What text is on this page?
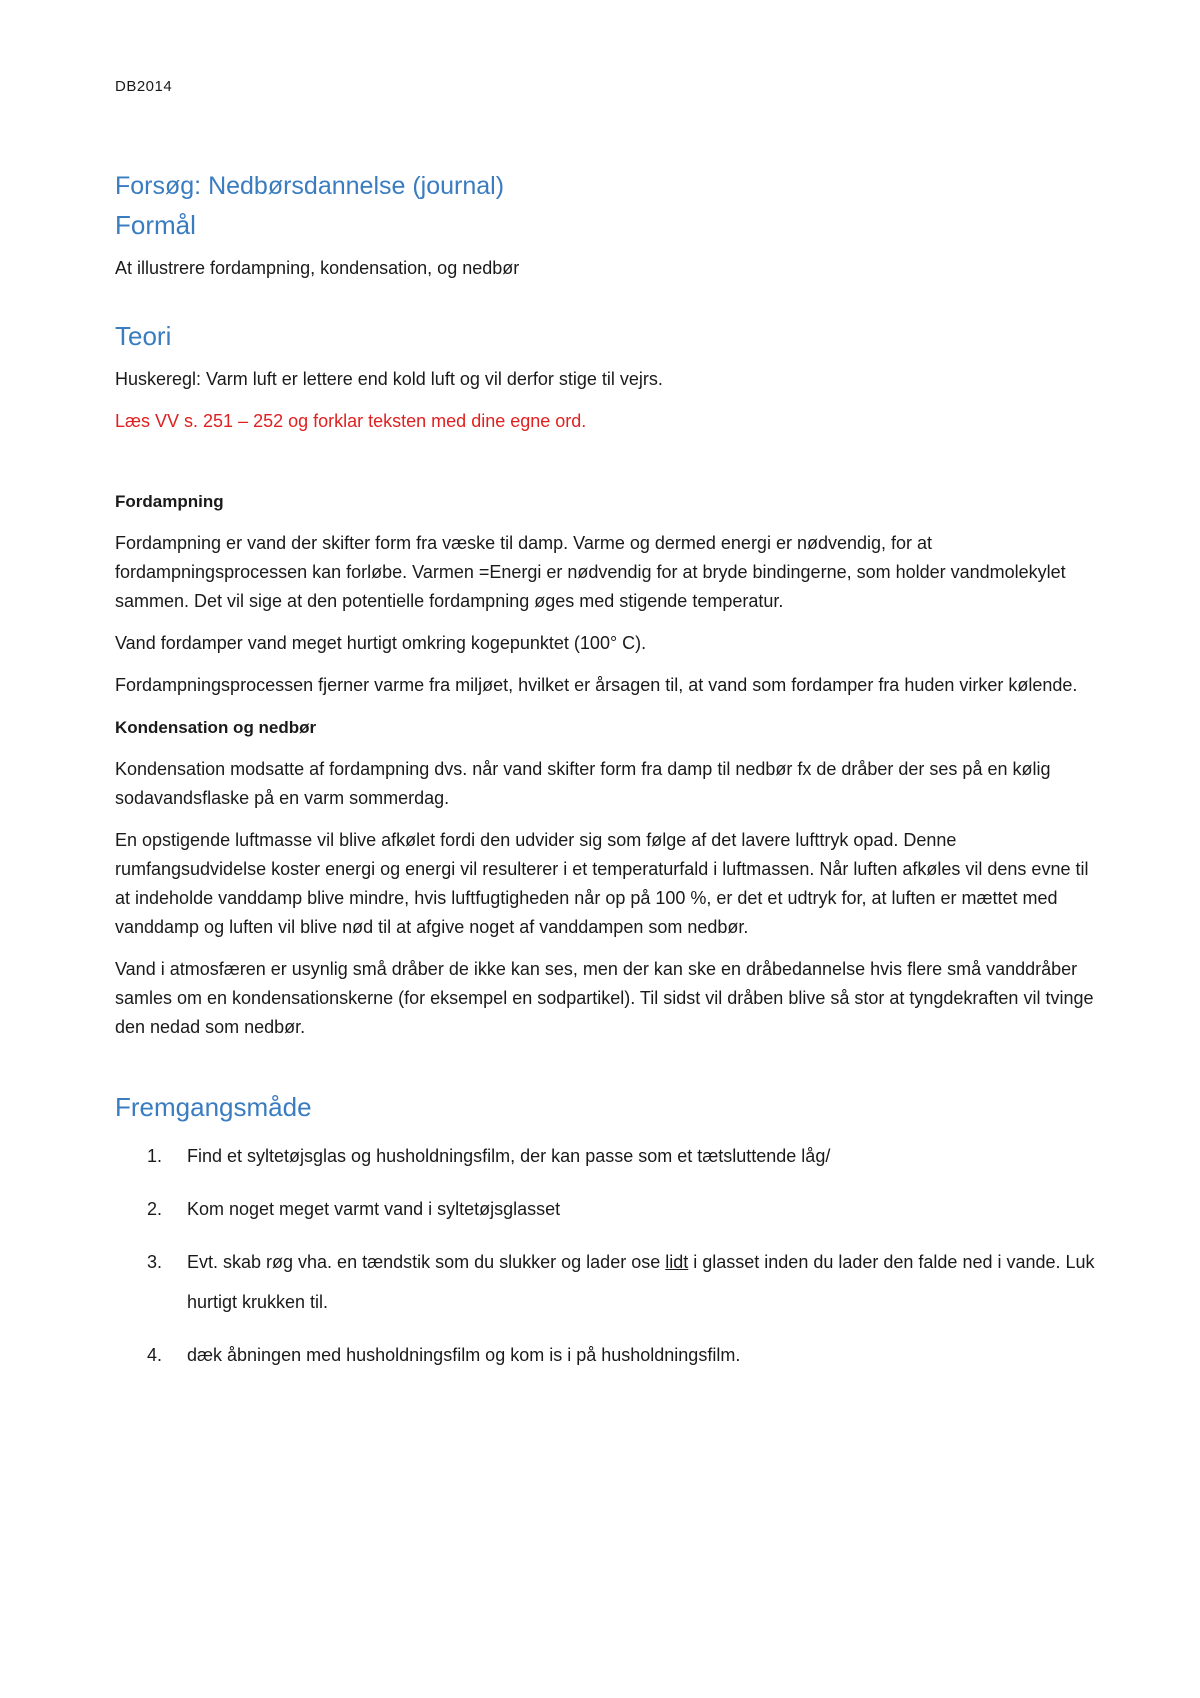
DB2014
Forsøg: Nedbørsdannelse (journal)
Formål

At illustrere fordampning, kondensation, og nedbør

Teori

Huskeregl: Varm luft er lettere end kold luft og vil derfor stige til vejrs.

Læs VV s. 251 – 252 og forklar teksten med dine egne ord.

Fordampning

Fordampning er vand der skifter form fra væske til damp. Varme og dermed energi er nødvendig, for at fordampningsprocessen kan forløbe. Varmen =Energi er nødvendig for at bryde bindingerne, som holder vandmolekylet sammen. Det vil sige at den potentielle fordampning øges med stigende temperatur.

Vand fordamper vand meget hurtigt omkring kogepunktet (100° C).

Fordampningsprocessen fjerner varme fra miljøet, hvilket er årsagen til, at vand som fordamper fra huden virker kølende.

Kondensation og nedbør

Kondensation modsatte af fordampning dvs. når vand skifter form fra damp til nedbør fx de dråber der ses på en kølig sodavandsflaske på en varm sommerdag.

En opstigende luftmasse vil blive afkølet fordi den udvider sig som følge af det lavere lufttryk opad. Denne rumfangsudvidelse koster energi og energi vil resulterer i et temperaturfald i luftmassen. Når luften afkøles vil dens evne til at indeholde vanddamp blive mindre, hvis luftfugtigheden når op på 100 %, er det et udtryk for, at luften er mættet med vanddamp og luften vil blive nød til at afgive noget af vanddampen som nedbør.

Vand i atmosfæren er usynlig små dråber de ikke kan ses, men der kan ske en dråbedannelse hvis flere små vanddråber samles om en kondensationskerne (for eksempel en sodpartikel). Til sidst vil dråben blive så stor at tyngdekraften vil tvinge den nedad som nedbør.

Fremgangsmåde
1. Find et syltetøjsglas og husholdningsfilm, der kan passe som et tætsluttende låg/
2. Kom noget meget varmt vand i syltetøjsglasset
3. Evt. skab røg vha. en tændstik som du slukker og lader ose lidt i glasset inden du lader den falde ned i vande. Luk hurtigt krukken til.
4. dæk åbningen med husholdningsfilm og kom is i på husholdningsfilm.
